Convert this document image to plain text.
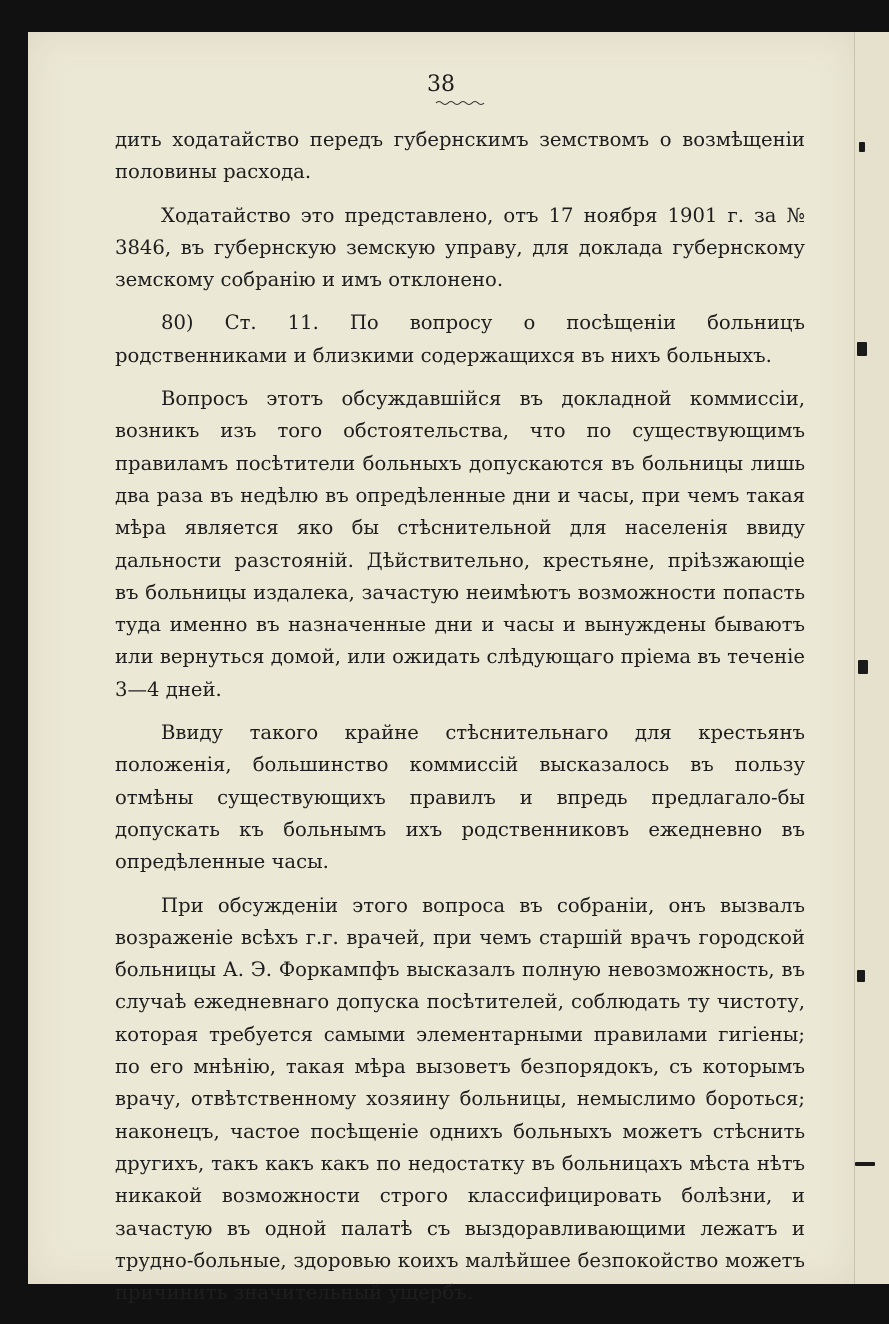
38

дить ходатайство передъ губернскимъ земствомъ о возмѣщеніи половины расхода.

Ходатайство это представлено, отъ 17 ноября 1901 г. за № 3846, въ губернскую земскую управу, для доклада губернскому земскому собранію и имъ отклонено.

80) Ст. 11. По вопросу о посѣщеніи больницъ родственниками и близкими содержащихся въ нихъ больныхъ.

Вопросъ этотъ обсуждавшійся въ докладной коммиссіи, возникъ изъ того обстоятельства, что по существующимъ правиламъ посѣтители больныхъ допускаются въ больницы лишь два раза въ недѣлю въ опредѣленные дни и часы, при чемъ такая мѣра является яко бы стѣснительной для населенія ввиду дальности разстояній. Дѣйствительно, крестьяне, пріѣзжающіе въ больницы издалека, зачастую неимѣютъ возможности попасть туда именно въ назначенные дни и часы и вынуждены бываютъ или вернуться домой, или ожидать слѣдующаго пріема въ теченіе 3—4 дней.

Ввиду такого крайне стѣснительнаго для крестьянъ положенія, большинство коммиссій высказалось въ пользу отмѣны существующихъ правилъ и впредь предлагало-бы допускать къ больнымъ ихъ родственниковъ ежедневно въ опредѣленные часы.

При обсужденіи этого вопроса въ собраніи, онъ вызвалъ возраженіе всѣхъ г.г. врачей, при чемъ старшій врачъ городской больницы А. Э. Форкампфъ высказалъ полную невозможность, въ случаѣ ежедневнаго допуска посѣтителей, соблюдать ту чистоту, которая требуется самыми элементарными правилами гигіены; по его мнѣнію, такая мѣра вызоветъ безпорядокъ, съ которымъ врачу, отвѣтственному хозяину больницы, немыслимо бороться; наконецъ, частое посѣщеніе однихъ больныхъ можетъ стѣснить другихъ, такъ какъ какъ по недостатку въ больницахъ мѣста нѣтъ никакой возможности строго классифицировать болѣзни, и зачастую въ одной палатѣ съ выздоравливающими лежатъ и трудно-больные, здоровью коихъ малѣйшее безпокойство можетъ причинить значительный ущербъ.
